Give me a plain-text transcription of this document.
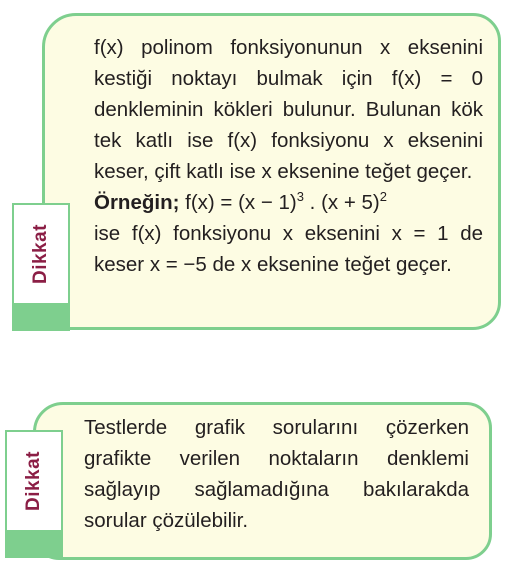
Dikkat

f(x) polinom fonksiyonunun x eksenini kestiği noktayı bulmak için f(x) = 0 denkleminin kökleri bulunur. Bulunan kök tek katlı ise f(x) fonksiyonu x eksenini keser, çift katlı ise x eksenine teğet geçer.

Örneğin; $f(x) = (x - 1)^3$ . $(x + 5)^2$

ise f(x) fonksiyonu x eksenini x = 1 de keser x = −5 de x eksenine teğet geçer.

Dikkat

Testlerde grafik sorularını çözerken grafikte verilen noktaların denklemi sağlayıp sağlamadığına bakılarakda sorular çözülebilir.
